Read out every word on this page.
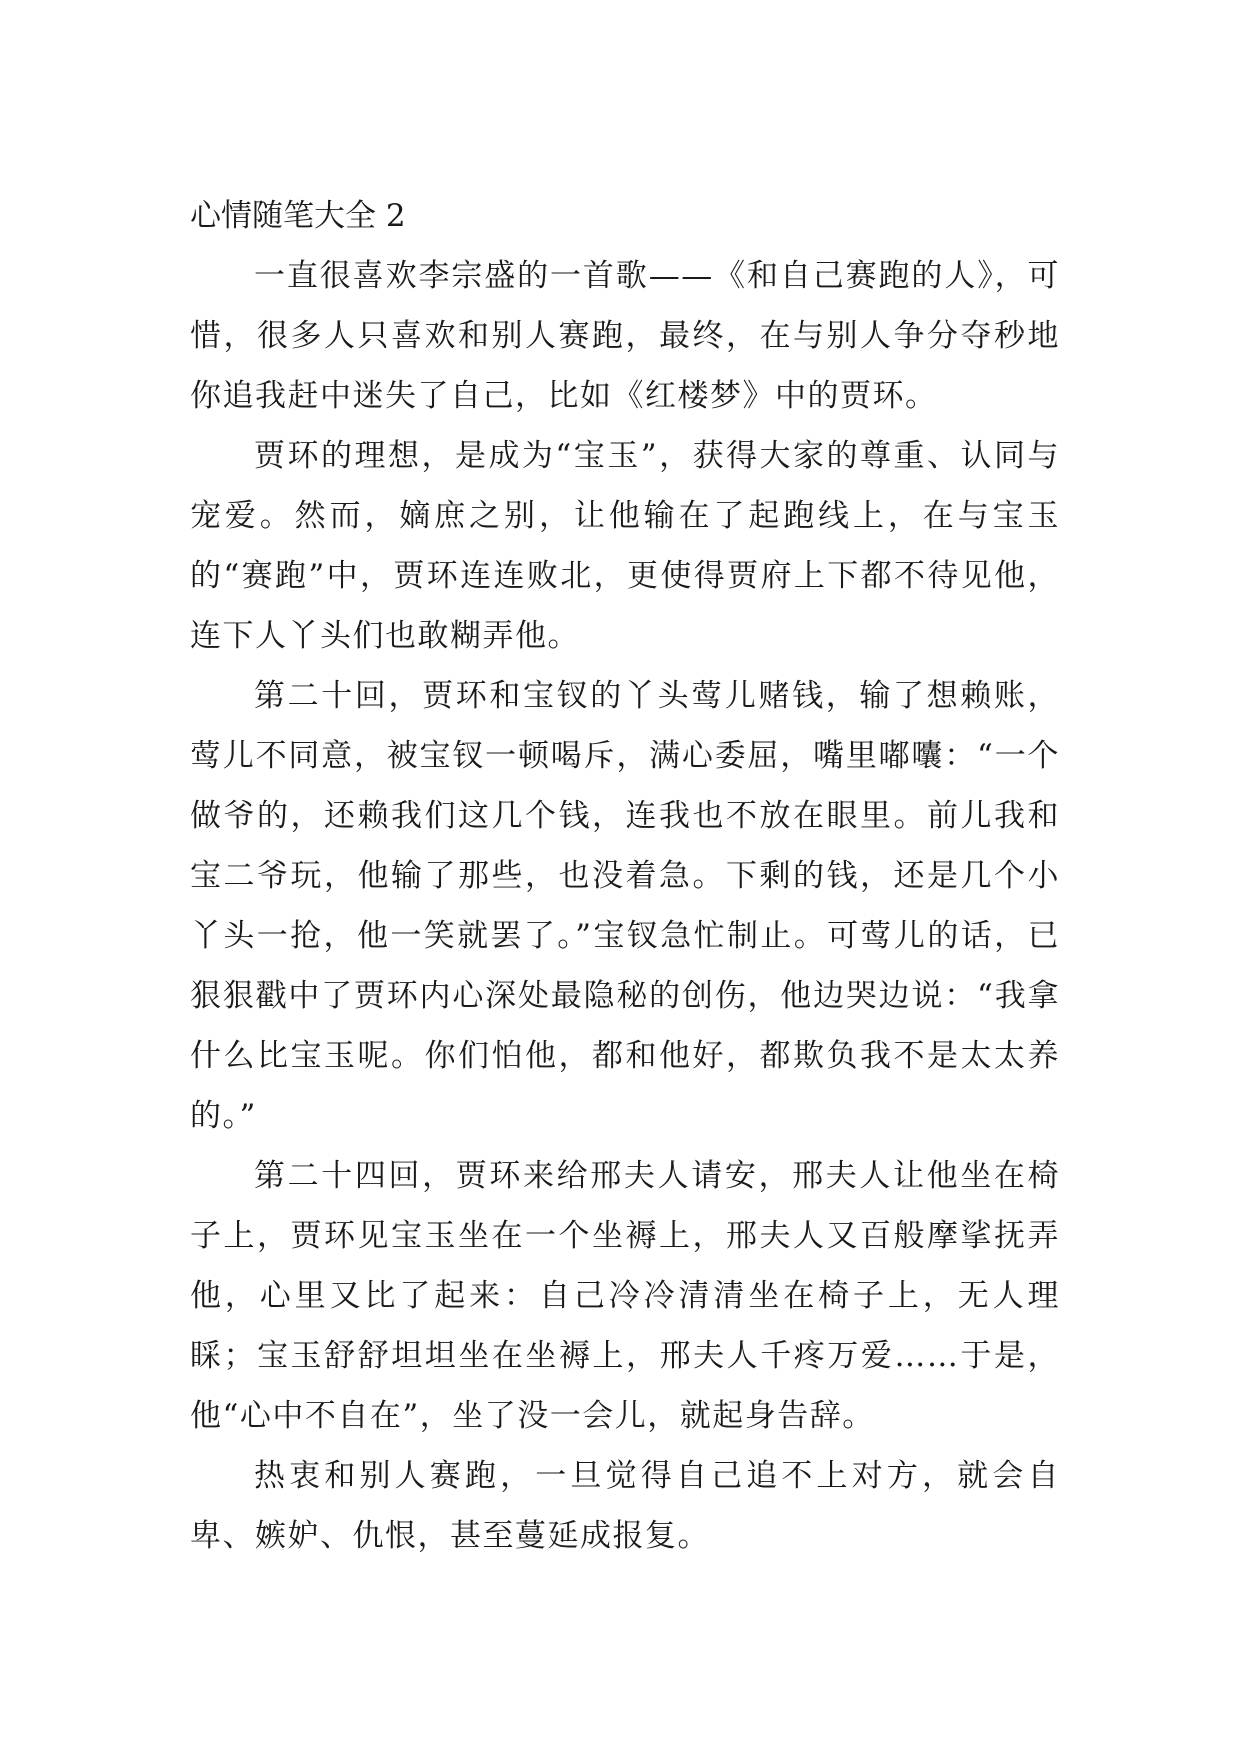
心情随笔大全 2

一直很喜欢李宗盛的一首歌——《和自己赛跑的人》，可惜，很多人只喜欢和别人赛跑，最终，在与别人争分夺秒地你追我赶中迷失了自己，比如《红楼梦》中的贾环。

贾环的理想，是成为“宝玉”，获得大家的尊重、认同与宠爱。然而，嫡庶之别，让他输在了起跑线上，在与宝玉的“赛跑”中，贾环连连败北，更使得贾府上下都不待见他，连下人丫头们也敢糊弄他。

第二十回，贾环和宝钗的丫头莺儿赌钱，输了想赖账，莺儿不同意，被宝钗一顿喝斥，满心委屈，嘴里嘟囔：“一个做爷的，还赖我们这几个钱，连我也不放在眼里。前儿我和宝二爷玩，他输了那些，也没着急。下剩的钱，还是几个小丫头一抢，他一笑就罢了。”宝钗急忙制止。可莺儿的话，已狠狠戳中了贾环内心深处最隐秘的创伤，他边哭边说：“我拿什么比宝玉呢。你们怕他，都和他好，都欺负我不是太太养的。”

第二十四回，贾环来给邢夫人请安，邢夫人让他坐在椅子上，贾环见宝玉坐在一个坐褥上，邢夫人又百般摩挲抚弄他，心里又比了起来：自己冷冷清清坐在椅子上，无人理睬；宝玉舒舒坦坦坐在坐褥上，邢夫人千疼万爱……于是，他“心中不自在”，坐了没一会儿，就起身告辞。

热衷和别人赛跑，一旦觉得自己追不上对方，就会自卑、嫉妒、仇恨，甚至蔓延成报复。
